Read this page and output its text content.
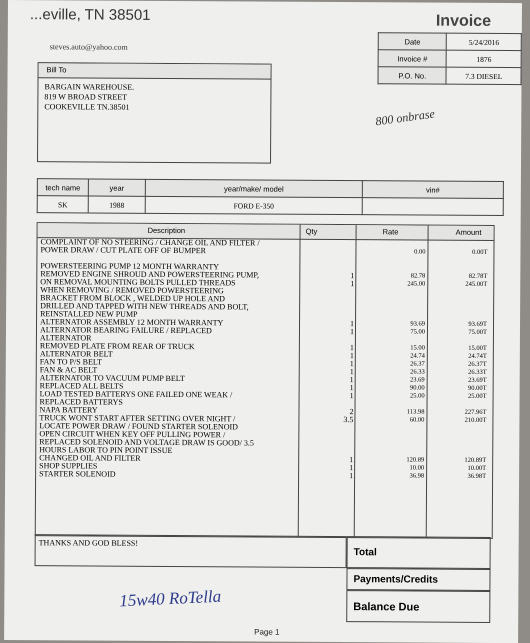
...eville, TN 38501
steves.auto@yahoo.com
Invoice
Date	5/24/2016
Invoice #	1876
P.O. No.	7.3 DIESEL
Bill To
BARGAIN WAREHOUSE.
819 W BROAD STREET
COOKEVILLE TN.38501	800 onbrase
tech name	year	year/make/ model	vin#
SK	1988	FORD E-350	
Description	Qty	Rate	Amount
COMPLAINT OF NO STEERING / CHANGE OIL AND FILTER /
POWER DRAW / CUT PLATE OFF OF BUMPER	0.00	0.00T
POWERSTEERING PUMP 12 MONTH WARRANTY
REMOVED ENGINE SHROUD AND POWERSTEERING PUMP,	1	82.78	82.78T
ON REMOVAL MOUNTING BOLTS PULLED THREADS	1	245.00	245.00T
WHEN REMOVING / REMOVED POWERSTEERING
BRACKET FROM BLOCK , WELDED UP HOLE AND
DRILLED AND TAPPED WITH NEW THREADS AND BOLT,
REINSTALLED NEW PUMP
ALTERNATOR ASSEMBLY 12 MONTH WARRANTY	1	93.69	93.69T
ALTERNATOR BEARING FAILURE / REPLACED	1	75.00	75.00T
ALTERNATOR
REMOVED PLATE FROM REAR OF TRUCK	1	15.00	15.00T
ALTERNATOR BELT	1	24.74	24.74T
FAN TO P/S BELT	1	26.37	26.37T
FAN & AC BELT	1	26.33	26.33T
ALTERNATOR TO VACUUM PUMP BELT	1	23.69	23.69T
REPLACED ALL BELTS	1	90.00	90.00T
LOAD TESTED BATTERYS ONE FAILED ONE WEAK /	1	25.00	25.00T
REPLACED BATTERYS
NAPA BATTERY	2	113.98	227.96T
TRUCK WONT START AFTER SETTING OVER NIGHT /	3.5	60.00	210.00T
LOCATE POWER DRAW / FOUND STARTER SOLENOID
OPEN CIRCUIT WHEN KEY OFF PULLING POWER /
REPLACED SOLENOID AND VOLTAGE DRAW IS GOOD/ 3.5
HOURS LABOR TO PIN POINT ISSUE
CHANGED OIL AND FILTER	1	120.89	120.89T
SHOP SUPPLIES	1	10.00	10.00T
STARTER SOLENOID	1	36.98	36.98T
THANKS AND GOD BLESS!
Total
Payments/Credits
Balance Due
15w40 RoTella
Page 1
